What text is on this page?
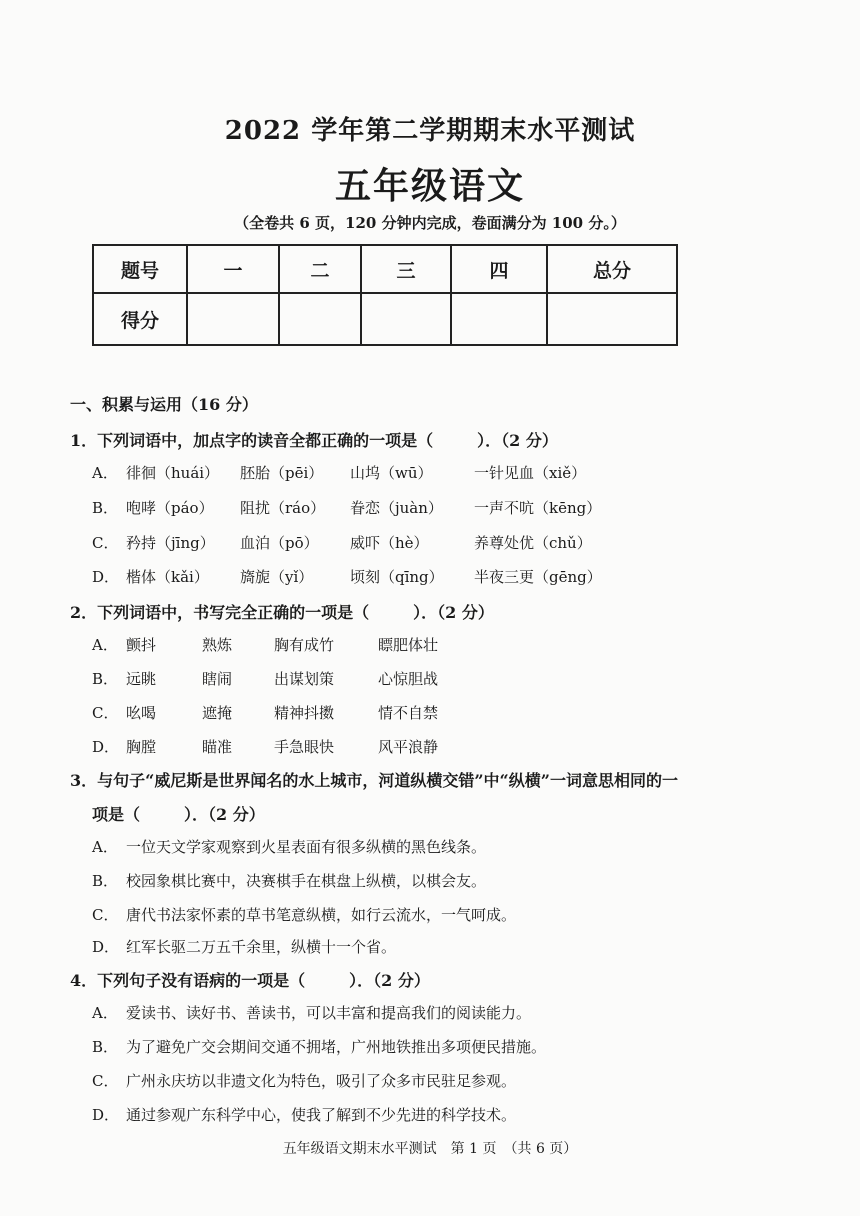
2022 学年第二学期期末水平测试
五年级语文
（全卷共 6 页，120 分钟内完成，卷面满分为 100 分。）
题号	一	二	三	四	总分
得分					
一、积累与运用（16 分）
1．下列词语中，加点字的读音全都正确的一项是（	）．（2 分）
A． 徘徊（huái） 胚胎（pēi） 山坞（wū）	一针见血（xiě）
B． 咆哮（páo） 阻扰（ráo） 眷恋（juàn） 一声不吭（kēng）
C． 矜持（jīng） 血泊（pō） 威吓（hè）	养尊处优（chǔ）
D． 楷体（kǎi） 旖旎（yǐ） 顷刻（qīng） 半夜三更（gēng）
2．下列词语中，书写完全正确的一项是（	）．（2 分）
A． 颤抖	熟炼	胸有成竹	瞟肥体壮
B． 远眺	瞎闹	出谋划策	心惊胆战
C． 吆喝	遮掩	精神抖擞	情不自禁
D． 胸膛	瞄准	手急眼快	风平浪静
3．与句子“威尼斯是世界闻名的水上城市，河道纵横交错”中“纵横”一词意思相同的一
项是（	）．（2 分）
A． 一位天文学家观察到火星表面有很多纵横的黑色线条。
B． 校园象棋比赛中，决赛棋手在棋盘上纵横，以棋会友。
C． 唐代书法家怀素的草书笔意纵横，如行云流水，一气呵成。
D． 红军长驱二万五千余里，纵横十一个省。
4．下列句子没有语病的一项是（	）．（2 分）
A． 爱读书、读好书、善读书，可以丰富和提高我们的阅读能力。
B． 为了避免广交会期间交通不拥堵，广州地铁推出多项便民措施。
C． 广州永庆坊以非遗文化为特色，吸引了众多市民驻足参观。
D． 通过参观广东科学中心，使我了解到不少先进的科学技术。
五年级语文期末水平测试　第 1 页　（共 6 页）
